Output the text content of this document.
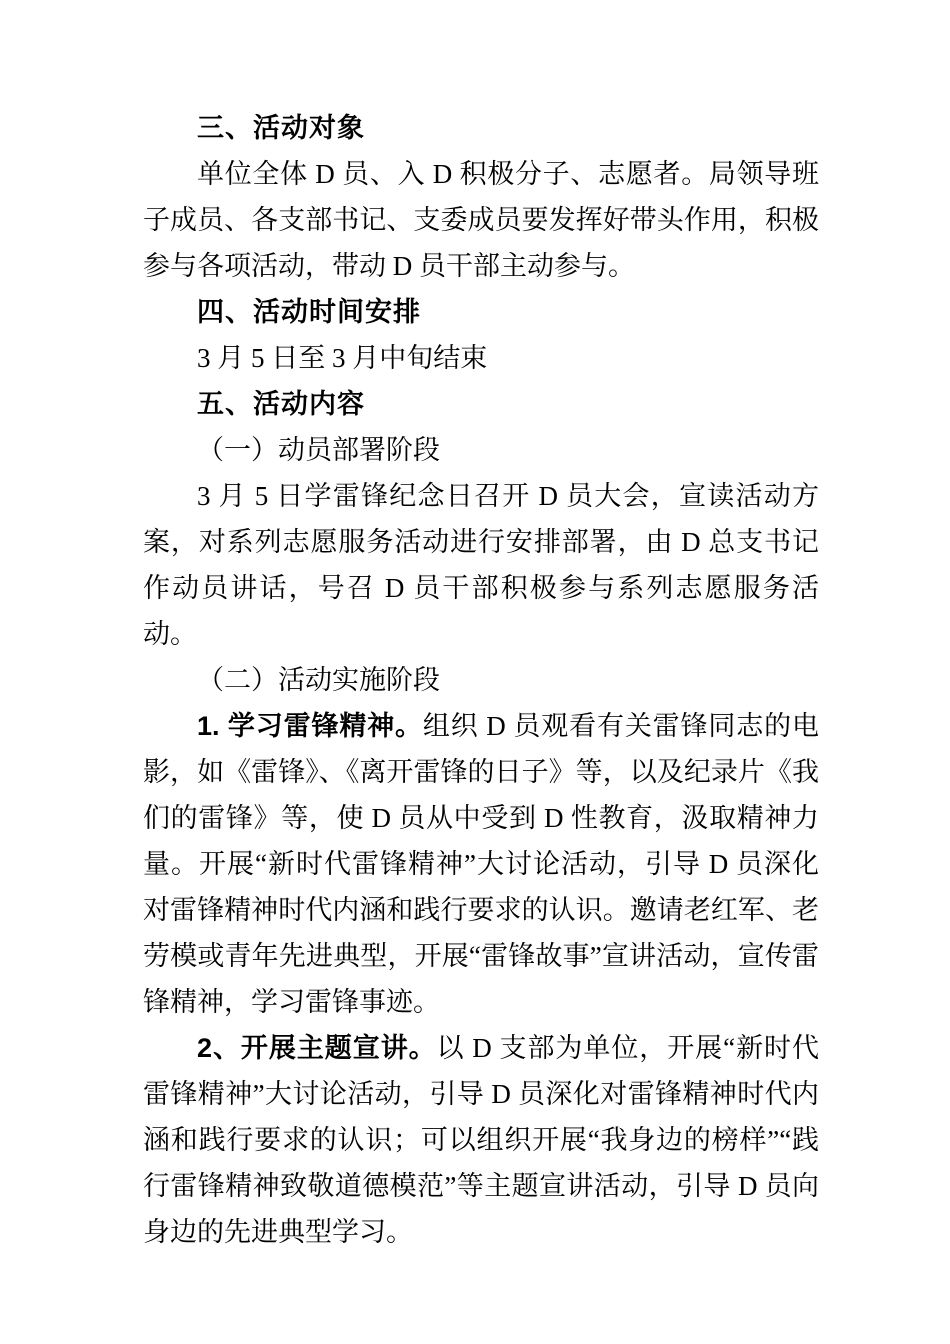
三、活动对象

单位全体 D 员、入 D 积极分子、志愿者。局领导班子成员、各支部书记、支委成员要发挥好带头作用，积极参与各项活动，带动 D 员干部主动参与。

四、活动时间安排

3 月 5 日至 3 月中旬结束

五、活动内容

（一）动员部署阶段

3 月 5 日学雷锋纪念日召开 D 员大会，宣读活动方案，对系列志愿服务活动进行安排部署，由 D 总支书记作动员讲话，号召 D 员干部积极参与系列志愿服务活动。

（二）活动实施阶段

1. 学习雷锋精神。组织 D 员观看有关雷锋同志的电影，如《雷锋》、《离开雷锋的日子》等，以及纪录片《我们的雷锋》等，使 D 员从中受到 D 性教育，汲取精神力量。开展“新时代雷锋精神”大讨论活动，引导 D 员深化对雷锋精神时代内涵和践行要求的认识。邀请老红军、老劳模或青年先进典型，开展“雷锋故事”宣讲活动，宣传雷锋精神，学习雷锋事迹。

2、开展主题宣讲。以 D 支部为单位，开展“新时代雷锋精神”大讨论活动，引导 D 员深化对雷锋精神时代内涵和践行要求的认识；可以组织开展“我身边的榜样”“践行雷锋精神致敬道德模范”等主题宣讲活动，引导 D 员向身边的先进典型学习。
